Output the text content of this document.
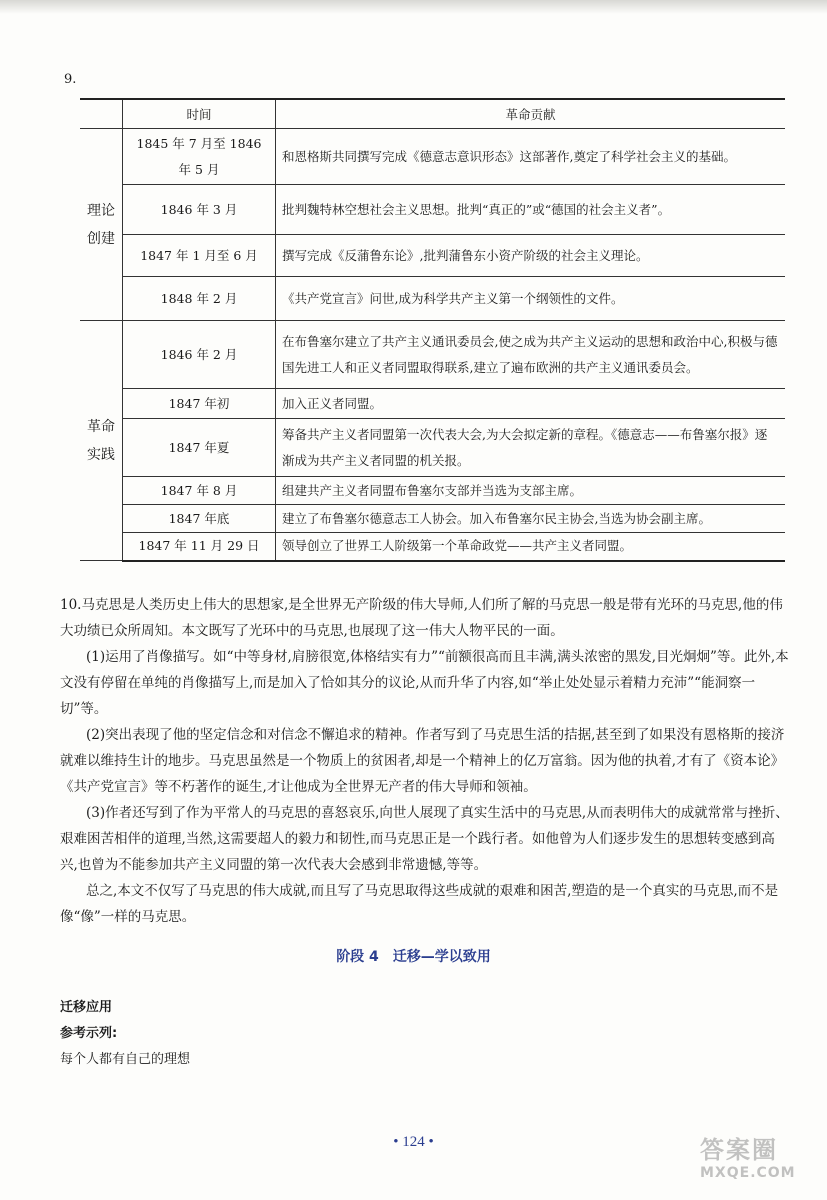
9.
	时间	革命贡献
理论创建	1845 年 7 月至 1846 年 5 月	和恩格斯共同撰写完成《德意志意识形态》这部著作,奠定了科学社会主义的基础。
	1846 年 3 月	批判魏特林空想社会主义思想。批判“真正的”或“德国的社会主义者”。
	1847 年 1 月至 6 月	撰写完成《反蒲鲁东论》,批判蒲鲁东小资产阶级的社会主义理论。
	1848 年 2 月	《共产党宣言》问世,成为科学共产主义第一个纲领性的文件。
革命实践	1846 年 2 月	在布鲁塞尔建立了共产主义通讯委员会,使之成为共产主义运动的思想和政治中心,积极与德国先进工人和正义者同盟取得联系,建立了遍布欧洲的共产主义通讯委员会。
	1847 年初	加入正义者同盟。
	1847 年夏	筹备共产主义者同盟第一次代表大会,为大会拟定新的章程。《德意志——布鲁塞尔报》逐渐成为共产主义者同盟的机关报。
	1847 年 8 月	组建共产主义者同盟布鲁塞尔支部并当选为支部主席。
	1847 年底	建立了布鲁塞尔德意志工人协会。加入布鲁塞尔民主协会,当选为协会副主席。
	1847 年 11 月 29 日	领导创立了世界工人阶级第一个革命政党——共产主义者同盟。

10.马克思是人类历史上伟大的思想家,是全世界无产阶级的伟大导师,人们所了解的马克思一般是带有光环的马克思,他的伟大功绩已众所周知。本文既写了光环中的马克思,也展现了这一伟大人物平民的一面。

(1)运用了肖像描写。如“中等身材,肩膀很宽,体格结实有力”“前额很高而且丰满,满头浓密的黑发,目光炯炯”等。此外,本文没有停留在单纯的肖像描写上,而是加入了恰如其分的议论,从而升华了内容,如“举止处处显示着精力充沛”“能洞察一切”等。

(2)突出表现了他的坚定信念和对信念不懈追求的精神。作者写到了马克思生活的拮据,甚至到了如果没有恩格斯的接济就难以维持生计的地步。马克思虽然是一个物质上的贫困者,却是一个精神上的亿万富翁。因为他的执着,才有了《资本论》《共产党宣言》等不朽著作的诞生,才让他成为全世界无产者的伟大导师和领袖。

(3)作者还写到了作为平常人的马克思的喜怒哀乐,向世人展现了真实生活中的马克思,从而表明伟大的成就常常与挫折、艰难困苦相伴的道理,当然,这需要超人的毅力和韧性,而马克思正是一个践行者。如他曾为人们逐步发生的思想转变感到高兴,也曾为不能参加共产主义同盟的第一次代表大会感到非常遗憾,等等。

总之,本文不仅写了马克思的伟大成就,而且写了马克思取得这些成就的艰难和困苦,塑造的是一个真实的马克思,而不是像“像”一样的马克思。

阶段 4　迁移—学以致用
迁移应用
参考示列:
每个人都有自己的理想
• 124 •	答案圈
MXQE.COM
